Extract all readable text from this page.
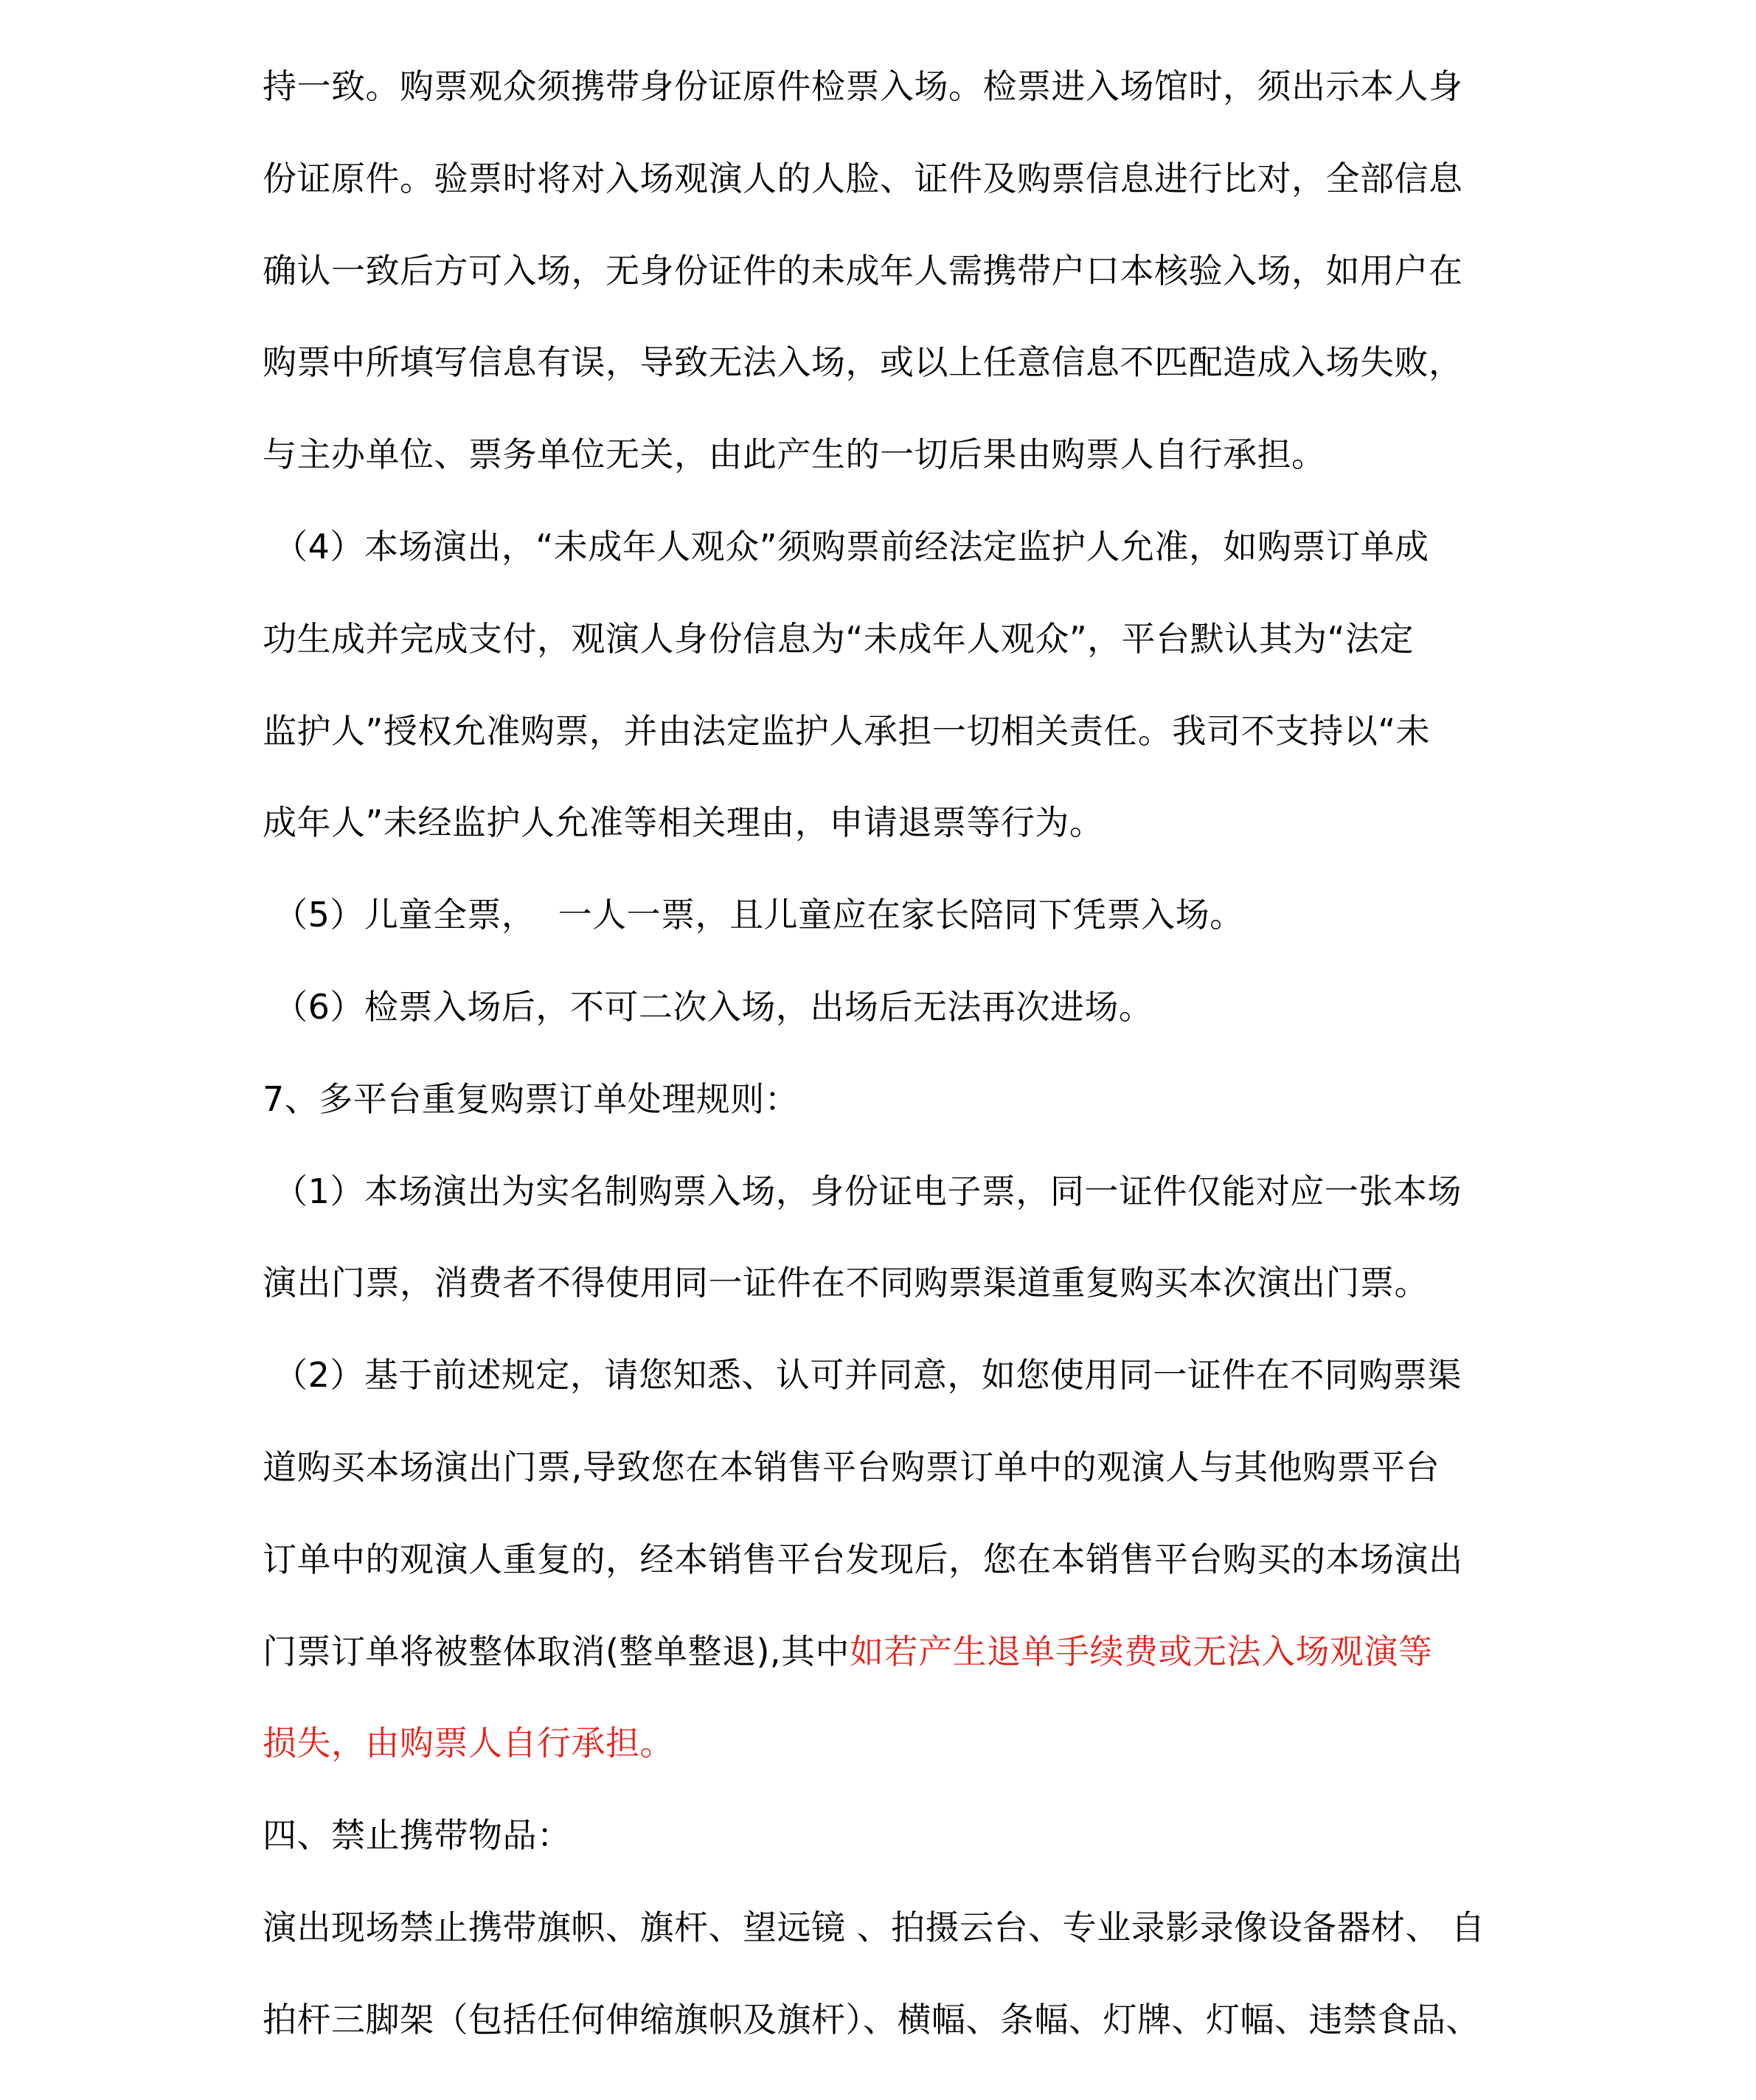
持一致。购票观众须携带身份证原件检票入场。检票进入场馆时，须出示本人身
份证原件。验票时将对入场观演人的人脸、证件及购票信息进行比对，全部信息
确认一致后方可入场，无身份证件的未成年人需携带户口本核验入场，如用户在
购票中所填写信息有误，导致无法入场，或以上任意信息不匹配造成入场失败，
与主办单位、票务单位无关，由此产生的一切后果由购票人自行承担。
（4）本场演出，“未成年人观众”须购票前经法定监护人允准，如购票订单成
功生成并完成支付，观演人身份信息为“未成年人观众”，平台默认其为“法定
监护人”授权允准购票，并由法定监护人承担一切相关责任。我司不支持以“未
成年人”未经监护人允准等相关理由，申请退票等行为。
（5）儿童全票，  一人一票，且儿童应在家长陪同下凭票入场。
（6）检票入场后，不可二次入场，出场后无法再次进场。
7、多平台重复购票订单处理规则：
（1）本场演出为实名制购票入场，身份证电子票，同一证件仅能对应一张本场
演出门票，消费者不得使用同一证件在不同购票渠道重复购买本次演出门票。
（2）基于前述规定，请您知悉、认可并同意，如您使用同一证件在不同购票渠
道购买本场演出门票,导致您在本销售平台购票订单中的观演人与其他购票平台
订单中的观演人重复的，经本销售平台发现后，您在本销售平台购买的本场演出
门票订单将被整体取消(整单整退),其中如若产生退单手续费或无法入场观演等
损失，由购票人自行承担。
四、禁止携带物品：
演出现场禁止携带旗帜、旗杆、望远镜 、拍摄云台、专业录影录像设备器材、 自
拍杆三脚架（包括任何伸缩旗帜及旗杆）、横幅、条幅、灯牌、灯幅、违禁食品、
